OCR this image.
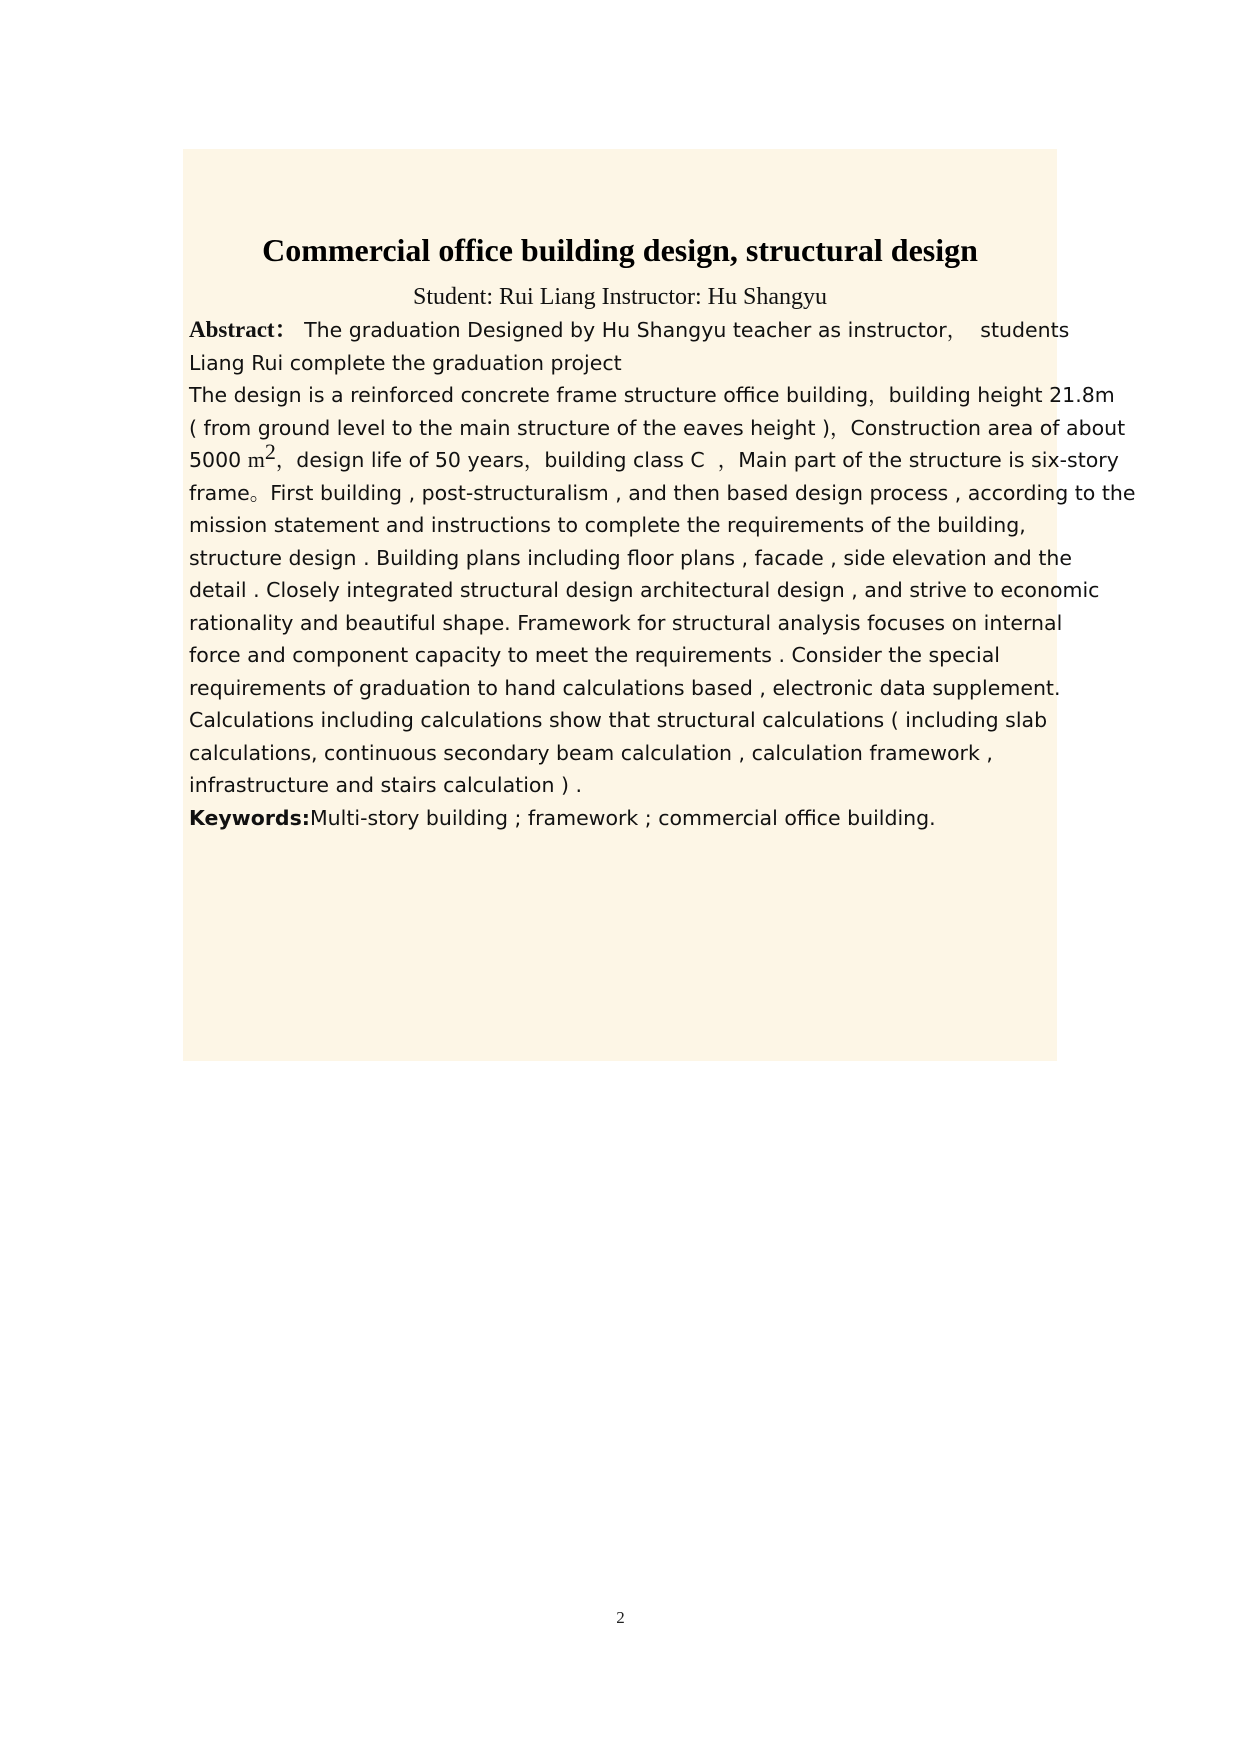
Commercial office building design, structural design
Student: Rui Liang Instructor: Hu Shangyu
Abstract： The graduation Designed by Hu Shangyu teacher as instructor，  students
Liang Rui complete the graduation project
The design is a reinforced concrete frame structure office building，building height 21.8m
( from ground level to the main structure of the eaves height )，Construction area of about
5000 $m^2$，design life of 50 years，building class C  ，Main part of the structure is six-story
frame。First building , post-structuralism , and then based design process , according to the
mission statement and instructions to complete the requirements of the building,
structure design . Building plans including floor plans , facade , side elevation and the
detail . Closely integrated structural design architectural design , and strive to economic
rationality and beautiful shape. Framework for structural analysis focuses on internal
force and component capacity to meet the requirements . Consider the special
requirements of graduation to hand calculations based , electronic data supplement.
Calculations including calculations show that structural calculations ( including slab
calculations, continuous secondary beam calculation , calculation framework ,
infrastructure and stairs calculation ) .
Keywords:Multi-story building ; framework ; commercial office building.
2
